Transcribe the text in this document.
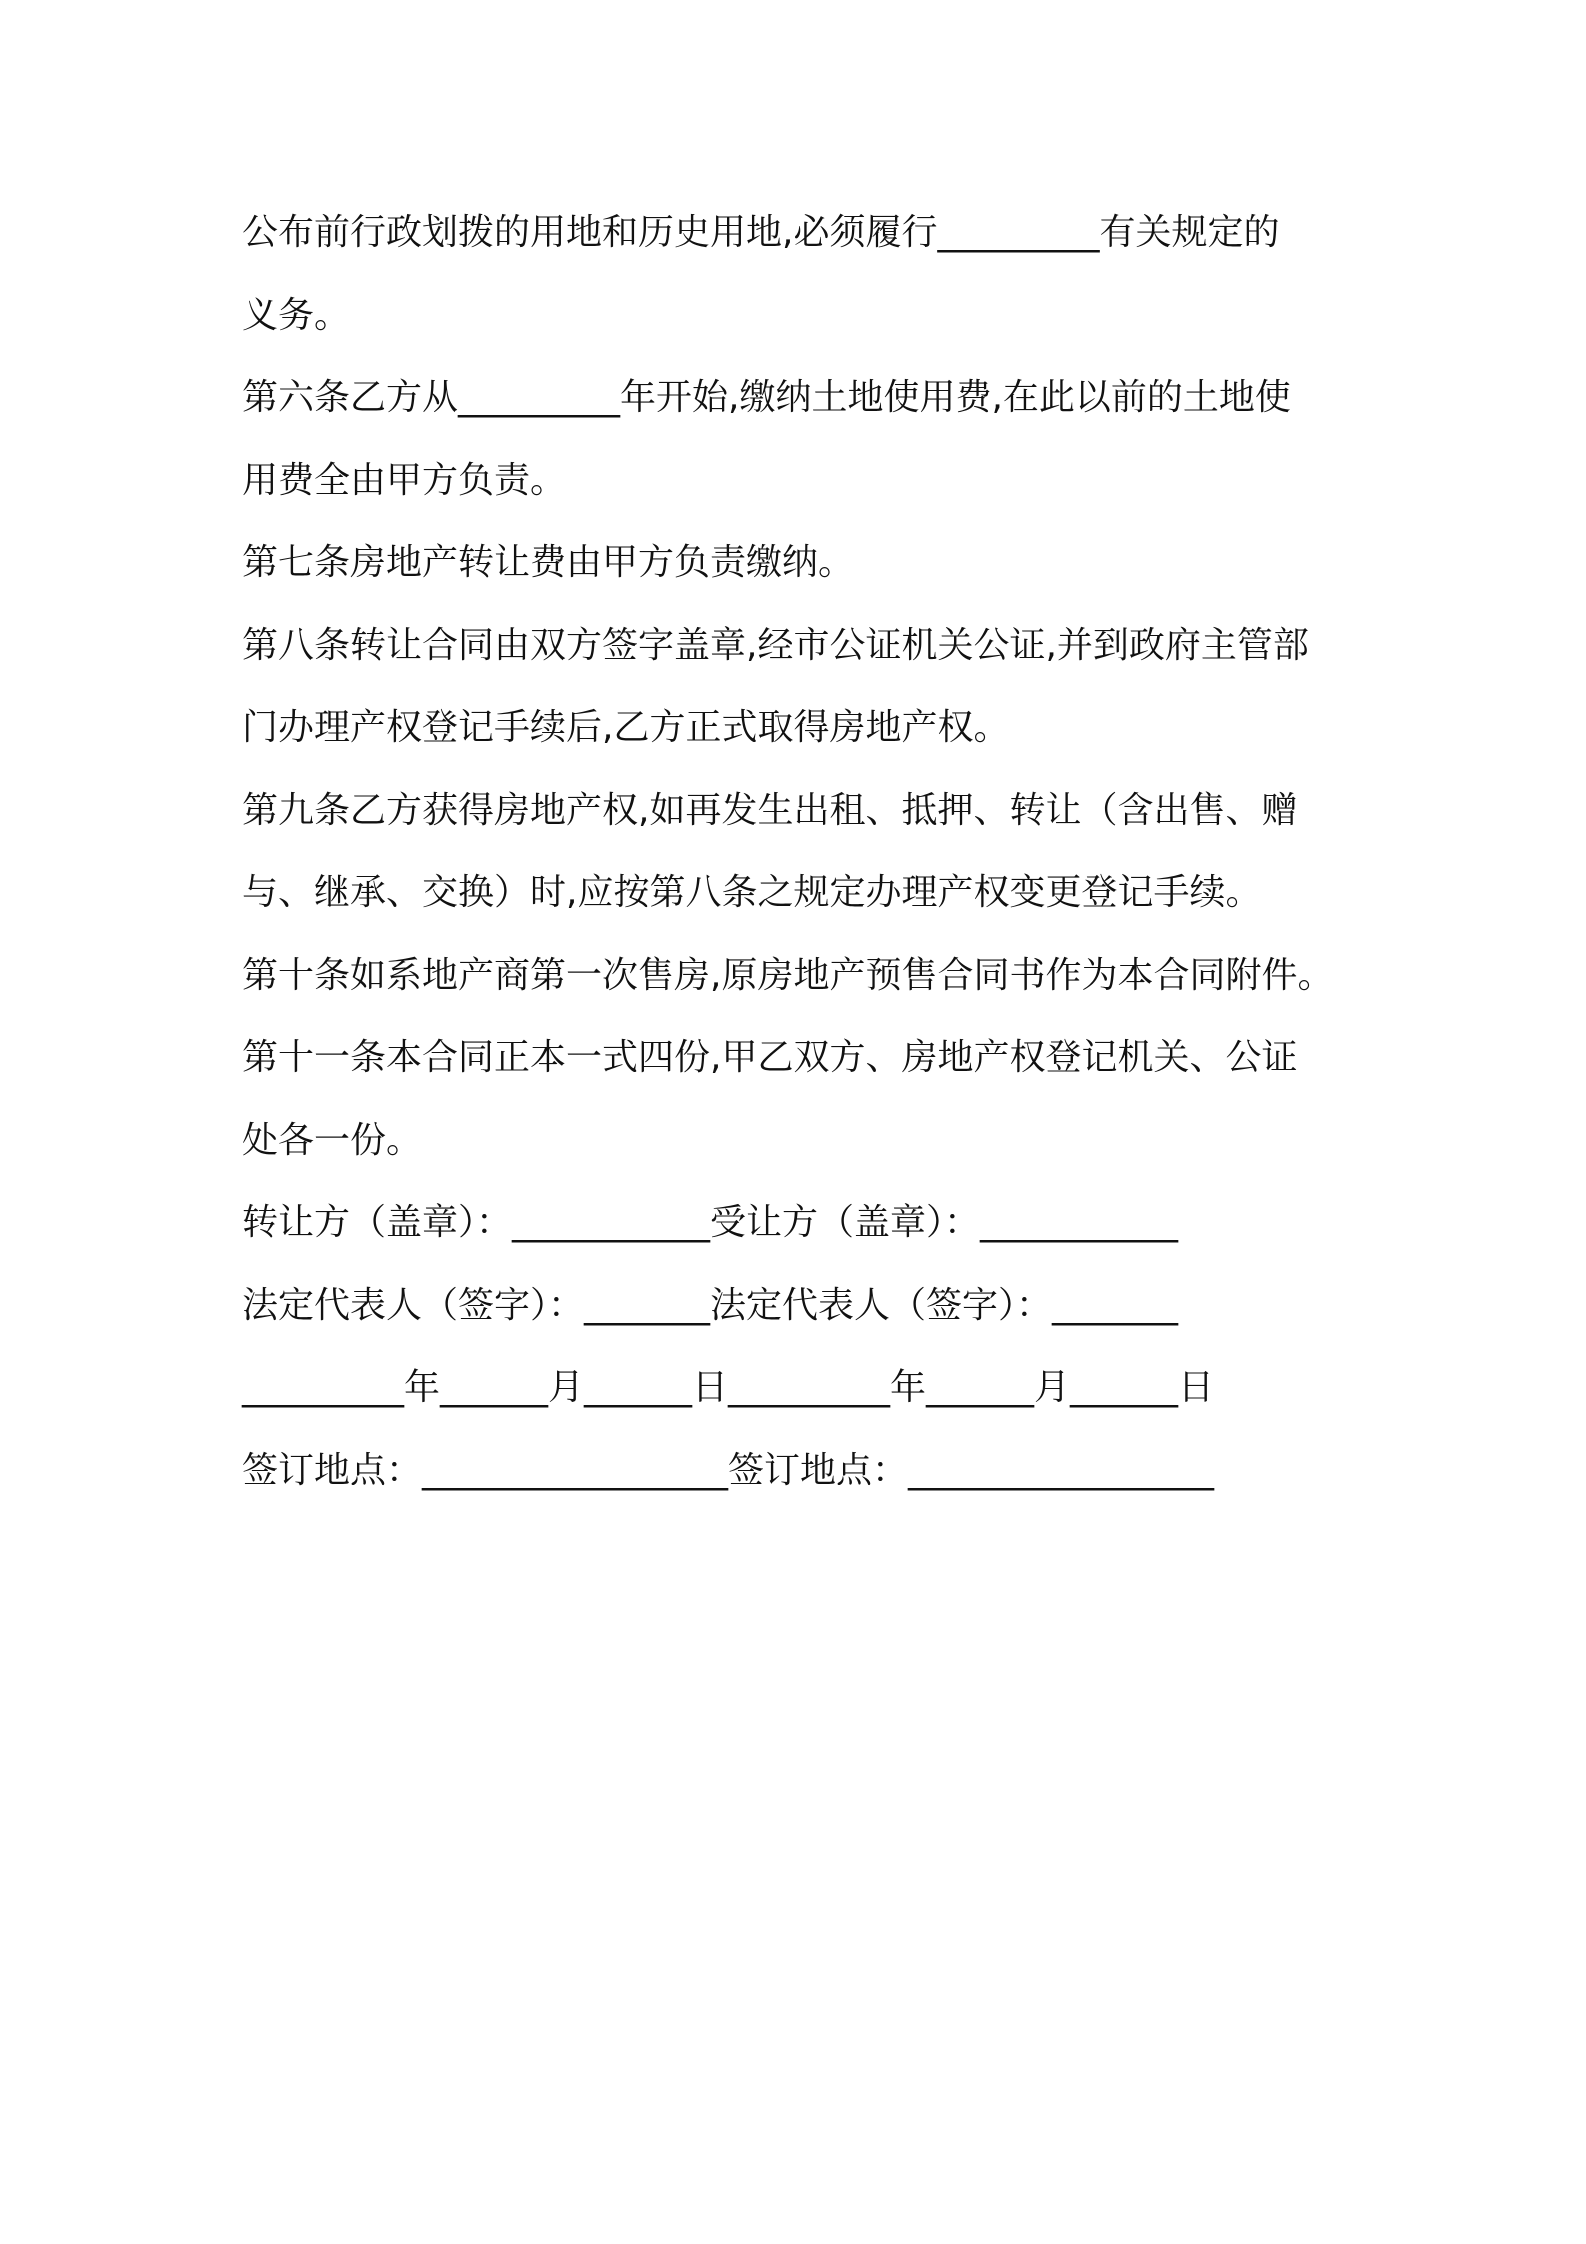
公布前行政划拨的用地和历史用地,必须履行_________有关规定的
义务。
第六条乙方从_________年开始,缴纳土地使用费,在此以前的土地使
用费全由甲方负责。
第七条房地产转让费由甲方负责缴纳。
第八条转让合同由双方签字盖章,经市公证机关公证,并到政府主管部
门办理产权登记手续后,乙方正式取得房地产权。
第九条乙方获得房地产权,如再发生出租、抵押、转让（含出售、赠
与、继承、交换）时,应按第八条之规定办理产权变更登记手续。
第十条如系地产商第一次售房,原房地产预售合同书作为本合同附件。
第十一条本合同正本一式四份,甲乙双方、房地产权登记机关、公证
处各一份。
转让方（盖章）：___________受让方（盖章）：___________
法定代表人（签字）：_______法定代表人（签字）：_______
_________年______月______日_________年______月______日
签订地点：_________________签订地点：_________________
